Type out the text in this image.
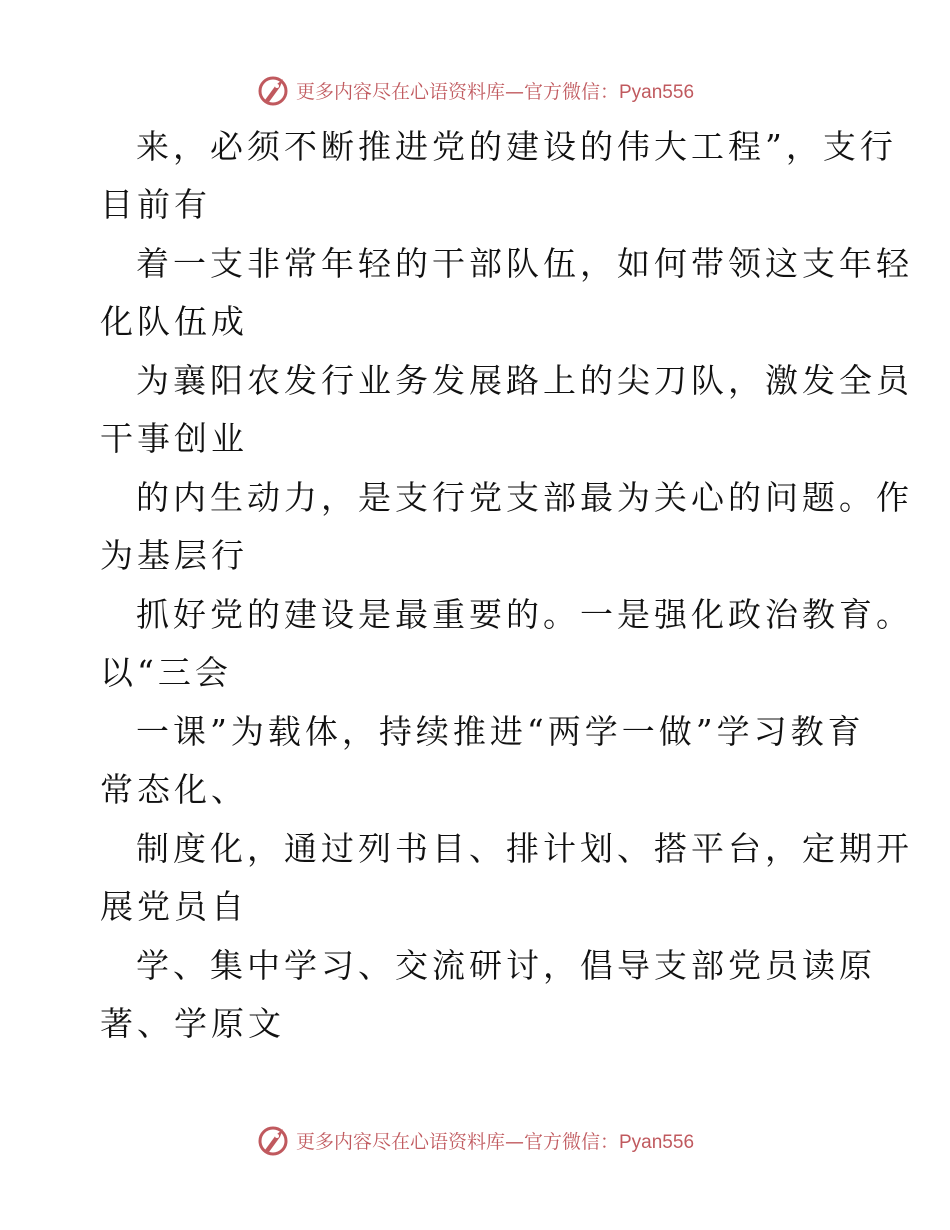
更多内容尽在心语资料库—官方微信：Pyan556
来，必须不断推进党的建设的伟大工程”，支行
目前有
着一支非常年轻的干部队伍，如何带领这支年轻
化队伍成
为襄阳农发行业务发展路上的尖刀队，激发全员
干事创业
的内生动力，是支行党支部最为关心的问题。作
为基层行
抓好党的建设是最重要的。一是强化政治教育。
以“三会
一课”为载体，持续推进“两学一做”学习教育
常态化、
制度化，通过列书目、排计划、搭平台，定期开
展党员自
学、集中学习、交流研讨，倡导支部党员读原
著、学原文
更多内容尽在心语资料库—官方微信：Pyan556
